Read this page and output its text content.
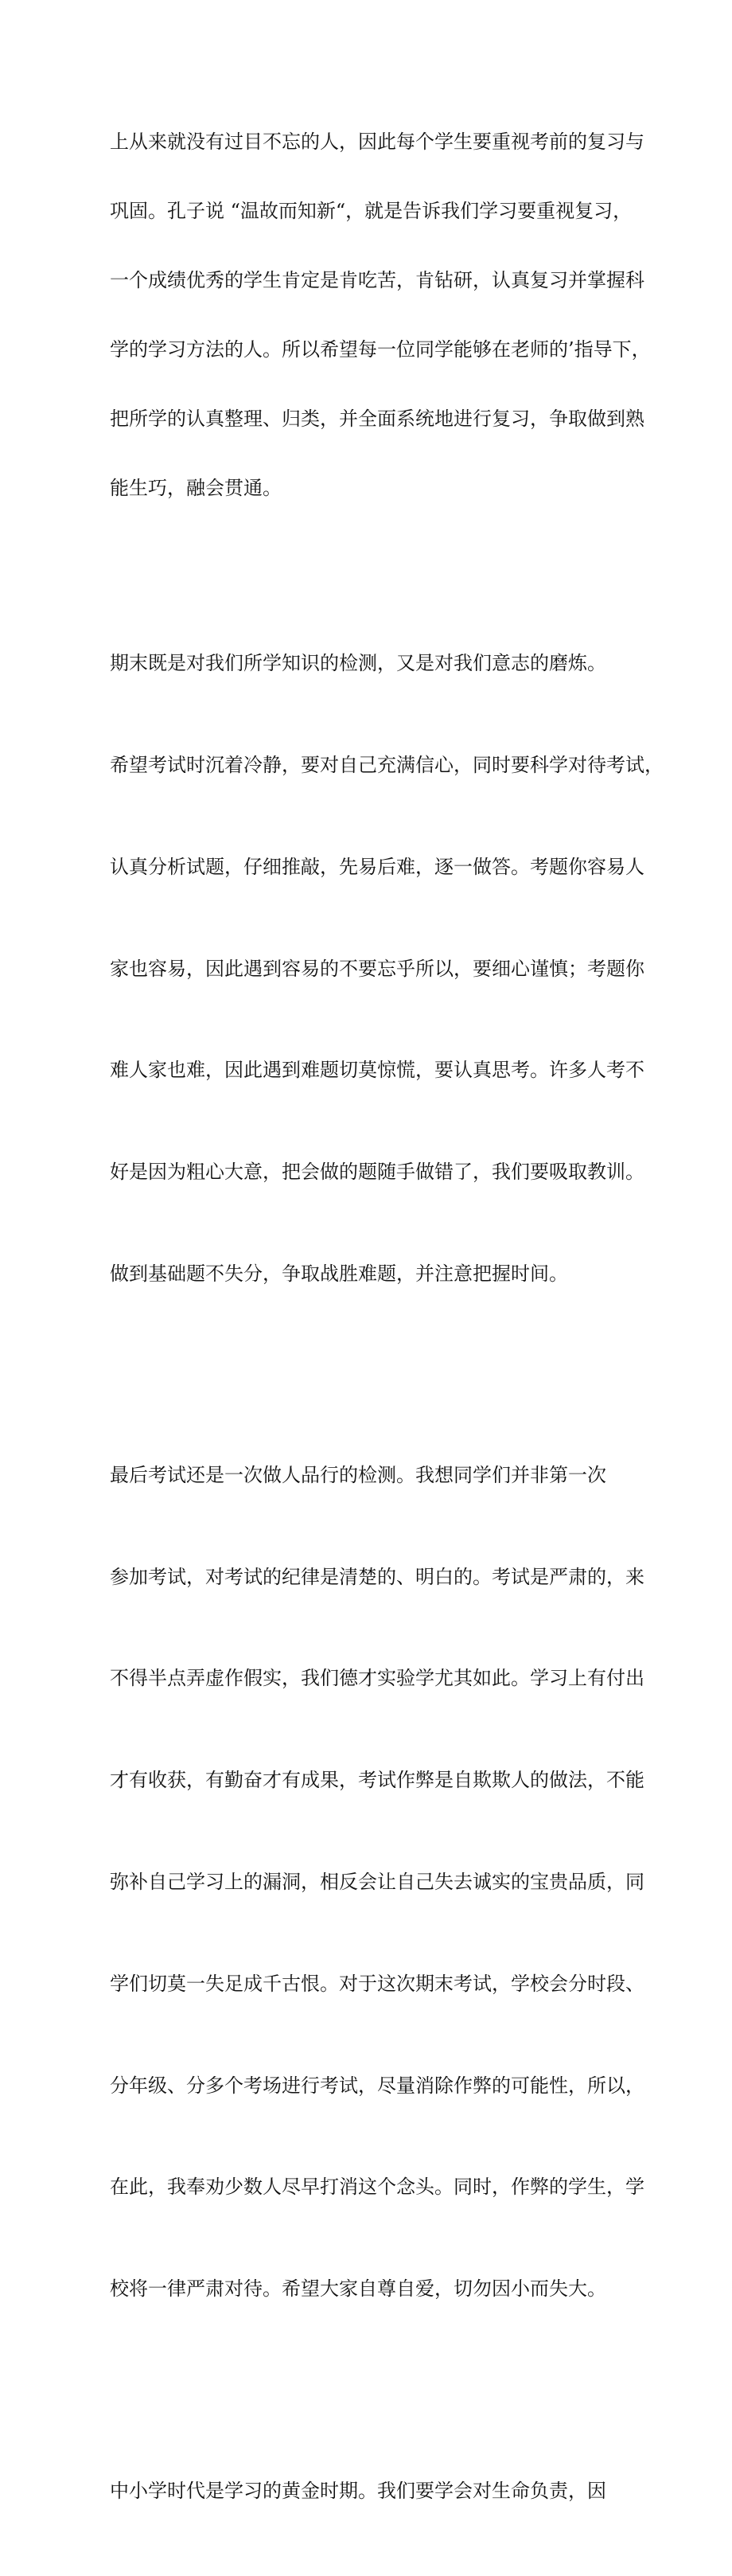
上从来就没有过目不忘的人，因此每个学生要重视考前的复习与

巩固。孔子说 “温故而知新“，就是告诉我们学习要重视复习，

一个成绩优秀的学生肯定是肯吃苦，肯钻研，认真复习并掌握科

学的学习方法的人。所以希望每一位同学能够在老师的’指导下，

把所学的认真整理、归类，并全面系统地进行复习，争取做到熟

能生巧，融会贯通。

期末既是对我们所学知识的检测，又是对我们意志的磨炼。

希望考试时沉着冷静，要对自己充满信心，同时要科学对待考试，

认真分析试题，仔细推敲，先易后难，逐一做答。考题你容易人

家也容易，因此遇到容易的不要忘乎所以，要细心谨慎；考题你

难人家也难，因此遇到难题切莫惊慌，要认真思考。许多人考不

好是因为粗心大意，把会做的题随手做错了，我们要吸取教训。

做到基础题不失分，争取战胜难题，并注意把握时间。

最后考试还是一次做人品行的检测。我想同学们并非第一次

参加考试，对考试的纪律是清楚的、明白的。考试是严肃的，来

不得半点弄虚作假实，我们德才实验学尤其如此。学习上有付出

才有收获，有勤奋才有成果，考试作弊是自欺欺人的做法，不能

弥补自己学习上的漏洞，相反会让自己失去诚实的宝贵品质，同

学们切莫一失足成千古恨。对于这次期末考试，学校会分时段、

分年级、分多个考场进行考试，尽量消除作弊的可能性，所以，

在此，我奉劝少数人尽早打消这个念头。同时，作弊的学生，学

校将一律严肃对待。希望大家自尊自爱，切勿因小而失大。

中小学时代是学习的黄金时期。我们要学会对生命负责，因
